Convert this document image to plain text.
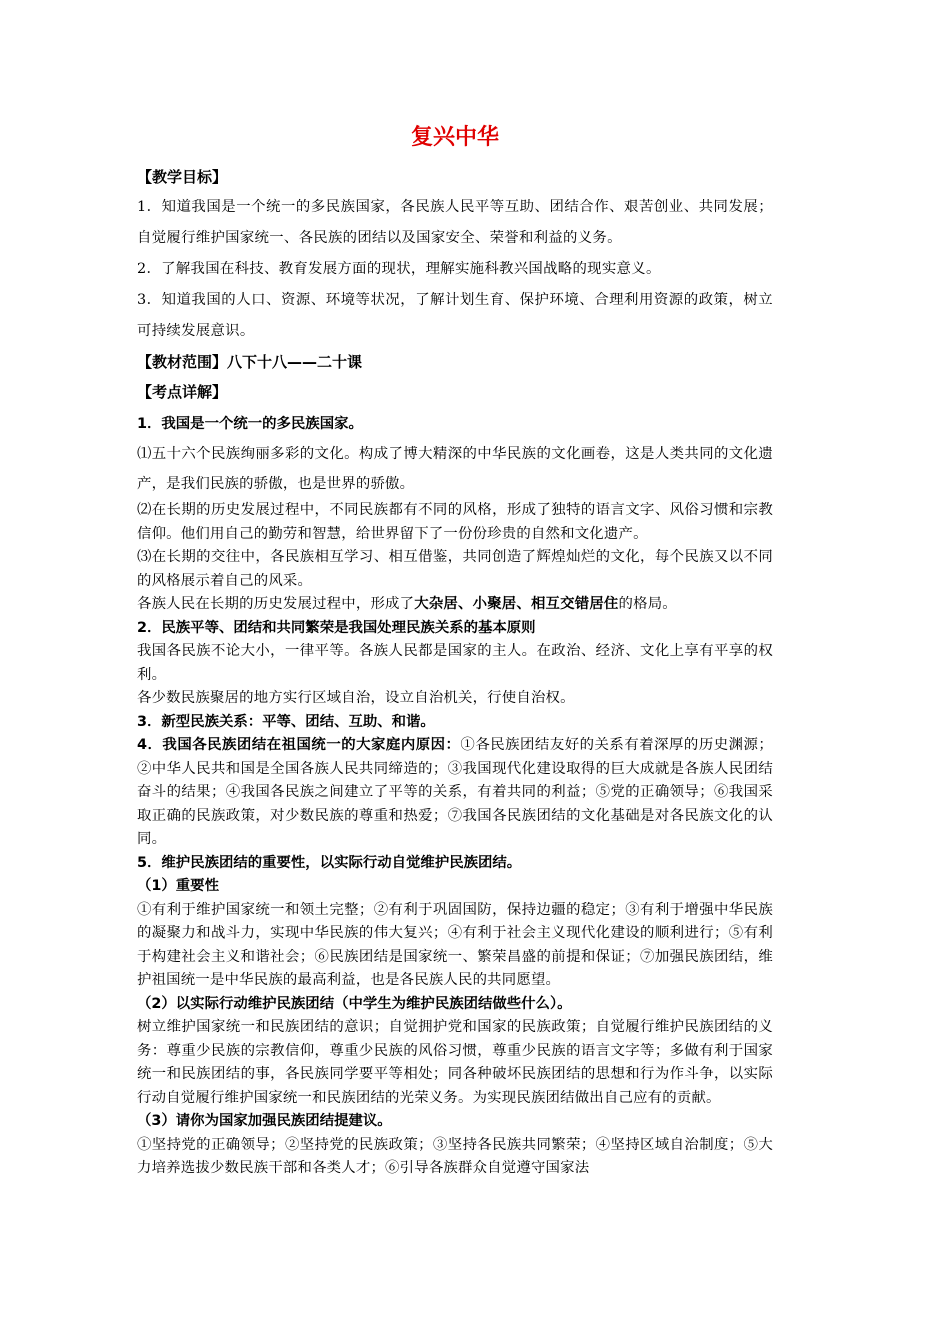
复兴中华

【教学目标】

1．知道我国是一个统一的多民族国家，各民族人民平等互助、团结合作、艰苦创业、共同发展；自觉履行维护国家统一、各民族的团结以及国家安全、荣誉和利益的义务。

2．了解我国在科技、教育发展方面的现状，理解实施科教兴国战略的现实意义。

3．知道我国的人口、资源、环境等状况，了解计划生育、保护环境、合理利用资源的政策，树立可持续发展意识。

【教材范围】八下十八——二十课

【考点详解】

1．我国是一个统一的多民族国家。

⑴五十六个民族绚丽多彩的文化。构成了博大精深的中华民族的文化画卷，这是人类共同的文化遗产，是我们民族的骄傲，也是世界的骄傲。

⑵在长期的历史发展过程中，不同民族都有不同的风格，形成了独特的语言文字、风俗习惯和宗教信仰。他们用自己的勤劳和智慧，给世界留下了一份份珍贵的自然和文化遗产。

⑶在长期的交往中，各民族相互学习、相互借鉴，共同创造了辉煌灿烂的文化，每个民族又以不同的风格展示着自己的风采。

各族人民在长期的历史发展过程中，形成了大杂居、小聚居、相互交错居住的格局。

2．民族平等、团结和共同繁荣是我国处理民族关系的基本原则

我国各民族不论大小，一律平等。各族人民都是国家的主人。在政治、经济、文化上享有平享的权利。

各少数民族聚居的地方实行区域自治，设立自治机关，行使自治权。

3．新型民族关系：平等、团结、互助、和谐。

4．我国各民族团结在祖国统一的大家庭内原因：①各民族团结友好的关系有着深厚的历史渊源；②中华人民共和国是全国各族人民共同缔造的；③我国现代化建设取得的巨大成就是各族人民团结奋斗的结果；④我国各民族之间建立了平等的关系，有着共同的利益；⑤党的正确领导；⑥我国采取正确的民族政策，对少数民族的尊重和热爱；⑦我国各民族团结的文化基础是对各民族文化的认同。

5．维护民族团结的重要性，以实际行动自觉维护民族团结。

（1）重要性

①有利于维护国家统一和领土完整；②有利于巩固国防，保持边疆的稳定；③有利于增强中华民族的凝聚力和战斗力，实现中华民族的伟大复兴；④有利于社会主义现代化建设的顺利进行；⑤有利于构建社会主义和谐社会；⑥民族团结是国家统一、繁荣昌盛的前提和保证；⑦加强民族团结，维护祖国统一是中华民族的最高利益，也是各民族人民的共同愿望。

（2）以实际行动维护民族团结（中学生为维护民族团结做些什么）。

树立维护国家统一和民族团结的意识；自觉拥护党和国家的民族政策；自觉履行维护民族团结的义务：尊重少民族的宗教信仰，尊重少民族的风俗习惯，尊重少民族的语言文字等；多做有利于国家统一和民族团结的事，各民族同学要平等相处；同各种破坏民族团结的思想和行为作斗争，以实际行动自觉履行维护国家统一和民族团结的光荣义务。为实现民族团结做出自己应有的贡献。

（3）请你为国家加强民族团结提建议。

①坚持党的正确领导；②坚持党的民族政策；③坚持各民族共同繁荣；④坚持区域自治制度；⑤大力培养选拔少数民族干部和各类人才；⑥引导各族群众自觉遵守国家法
